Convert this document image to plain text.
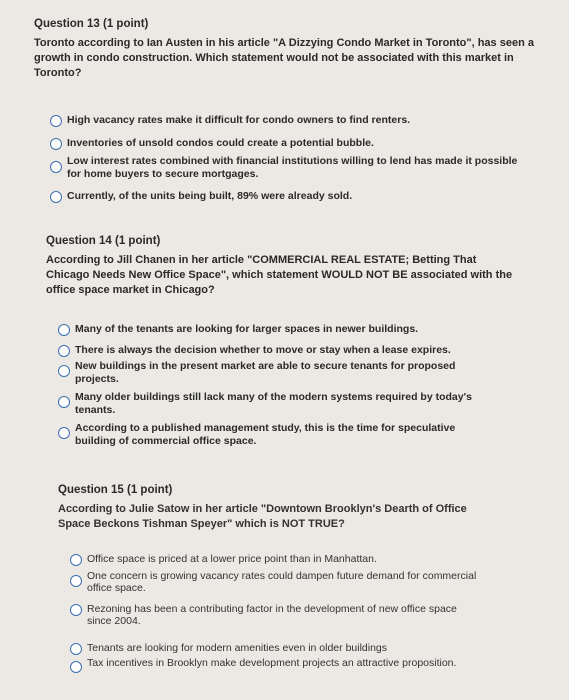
Question 13 (1 point)

Toronto according to Ian Austen in his article "A Dizzying Condo Market in Toronto", has seen a growth in condo construction. Which statement would not be associated with this market in Toronto?

High vacancy rates make it difficult for condo owners to find renters.
Inventories of unsold condos could create a potential bubble.
Low interest rates combined with financial institutions willing to lend has made it possible for home buyers to secure mortgages.
Currently, of the units being built, 89% were already sold.
Question 14 (1 point)

According to Jill Chanen in her article "COMMERCIAL REAL ESTATE; Betting That Chicago Needs New Office Space", which statement WOULD NOT BE associated with the office space market in Chicago?

Many of the tenants are looking for larger spaces in newer buildings.
There is always the decision whether to move or stay when a lease expires.
New buildings in the present market are able to secure tenants for proposed projects.
Many older buildings still lack many of the modern systems required by today's tenants.
According to a published management study, this is the time for speculative building of commercial office space.
Question 15 (1 point)

According to Julie Satow in her article "Downtown Brooklyn's Dearth of Office Space Beckons Tishman Speyer" which is NOT TRUE?

Office space is priced at a lower price point than in Manhattan.
One concern is growing vacancy rates could dampen future demand for commercial office space.
Rezoning has been a contributing factor in the development of new office space since 2004.
Tenants are looking for modern amenities even in older buildings
Tax incentives in Brooklyn make development projects an attractive proposition.
